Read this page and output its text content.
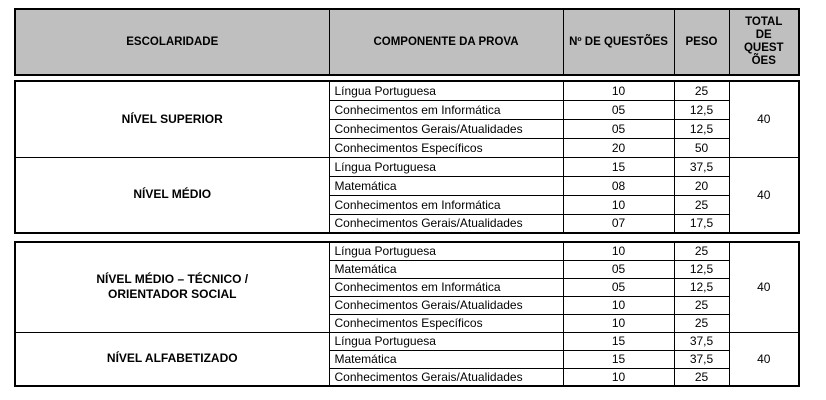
ESCOLARIDADE	COMPONENTE DA PROVA	Nº DE QUESTÕES	PESO	TOTAL DE QUESTÕES
NÍVEL SUPERIOR	Língua Portuguesa	10	25	40
	Conhecimentos em Informática	05	12,5	
	Conhecimentos Gerais/Atualidades	05	12,5	
	Conhecimentos Específicos	20	50	

NÍVEL MÉDIO	Língua Portuguesa	15	37,5	40
	Matemática	08	20	
	Conhecimentos em Informática	10	25	
	Conhecimentos Gerais/Atualidades	07	17,5	
NÍVEL MÉDIO – TÉCNICO / ORIENTADOR SOCIAL	Língua Portuguesa	10	25	40
	Matemática	05	12,5	
	Conhecimentos em Informática	05	12,5	
	Conhecimentos Gerais/Atualidades	10	25	
	Conhecimentos Específicos	10	25	

NÍVEL ALFABETIZADO	Língua Portuguesa	15	37,5	40
	Matemática	15	37,5	
	Conhecimentos Gerais/Atualidades	10	25	
